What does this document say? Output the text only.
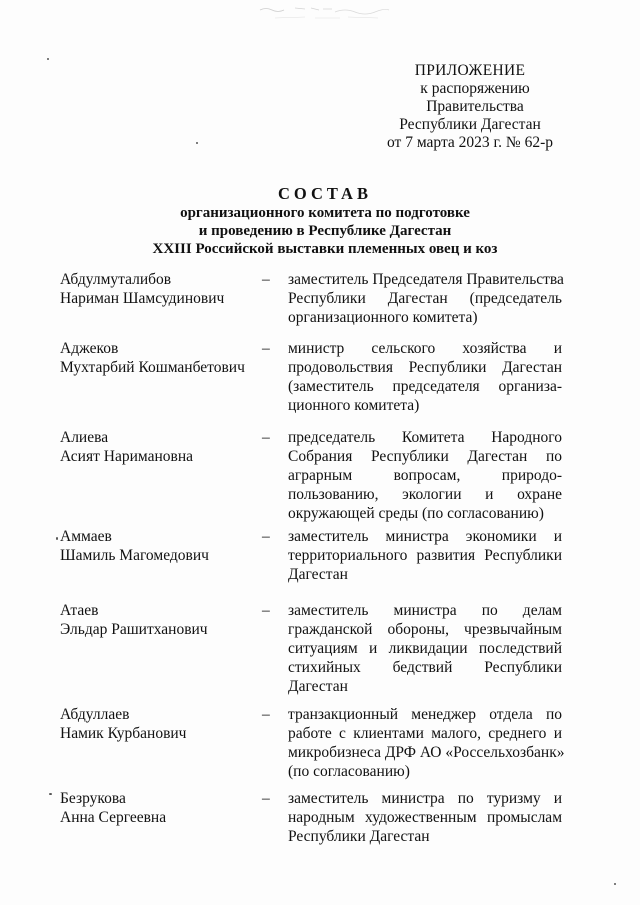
ПРИЛОЖЕНИЕ
к распоряжению Правительства
Республики Дагестан
от 7 марта 2023 г. № 62-р
СОСТАВ
организационного комитета по подготовке
и проведению в Республике Дагестан
XXIII Российской выставки племенных овец и коз
Абдулмуталибов
Нариман Шамсудинович
– заместитель Председателя Правительства
Республики Дагестан (председатель
организационного комитета)
Аджеков
Мухтарбий Кошманбетович
– министр сельского хозяйства и
продовольствия Республики Дагестан
(заместитель председателя организа-
ционного комитета)
Алиева
Асият Наримановна
– председатель Комитета Народного
Собрания Республики Дагестан по
аграрным вопросам, природо-
пользованию, экологии и охране
окружающей среды (по согласованию)
Аммаев
Шамиль Магомедович
– заместитель министра экономики и
территориального развития Республики
Дагестан
Атаев
Эльдар Рашитханович
– заместитель министра по делам
гражданской обороны, чрезвычайным
ситуациям и ликвидации последствий
стихийных бедствий Республики
Дагестан
Абдуллаев
Намик Курбанович
– транзакционный менеджер отдела по
работе с клиентами малого, среднего и
микробизнеса ДРФ АО «Россельхозбанк»
(по согласованию)
Безрукова
Анна Сергеевна
– заместитель министра по туризму и
народным художественным промыслам
Республики Дагестан
